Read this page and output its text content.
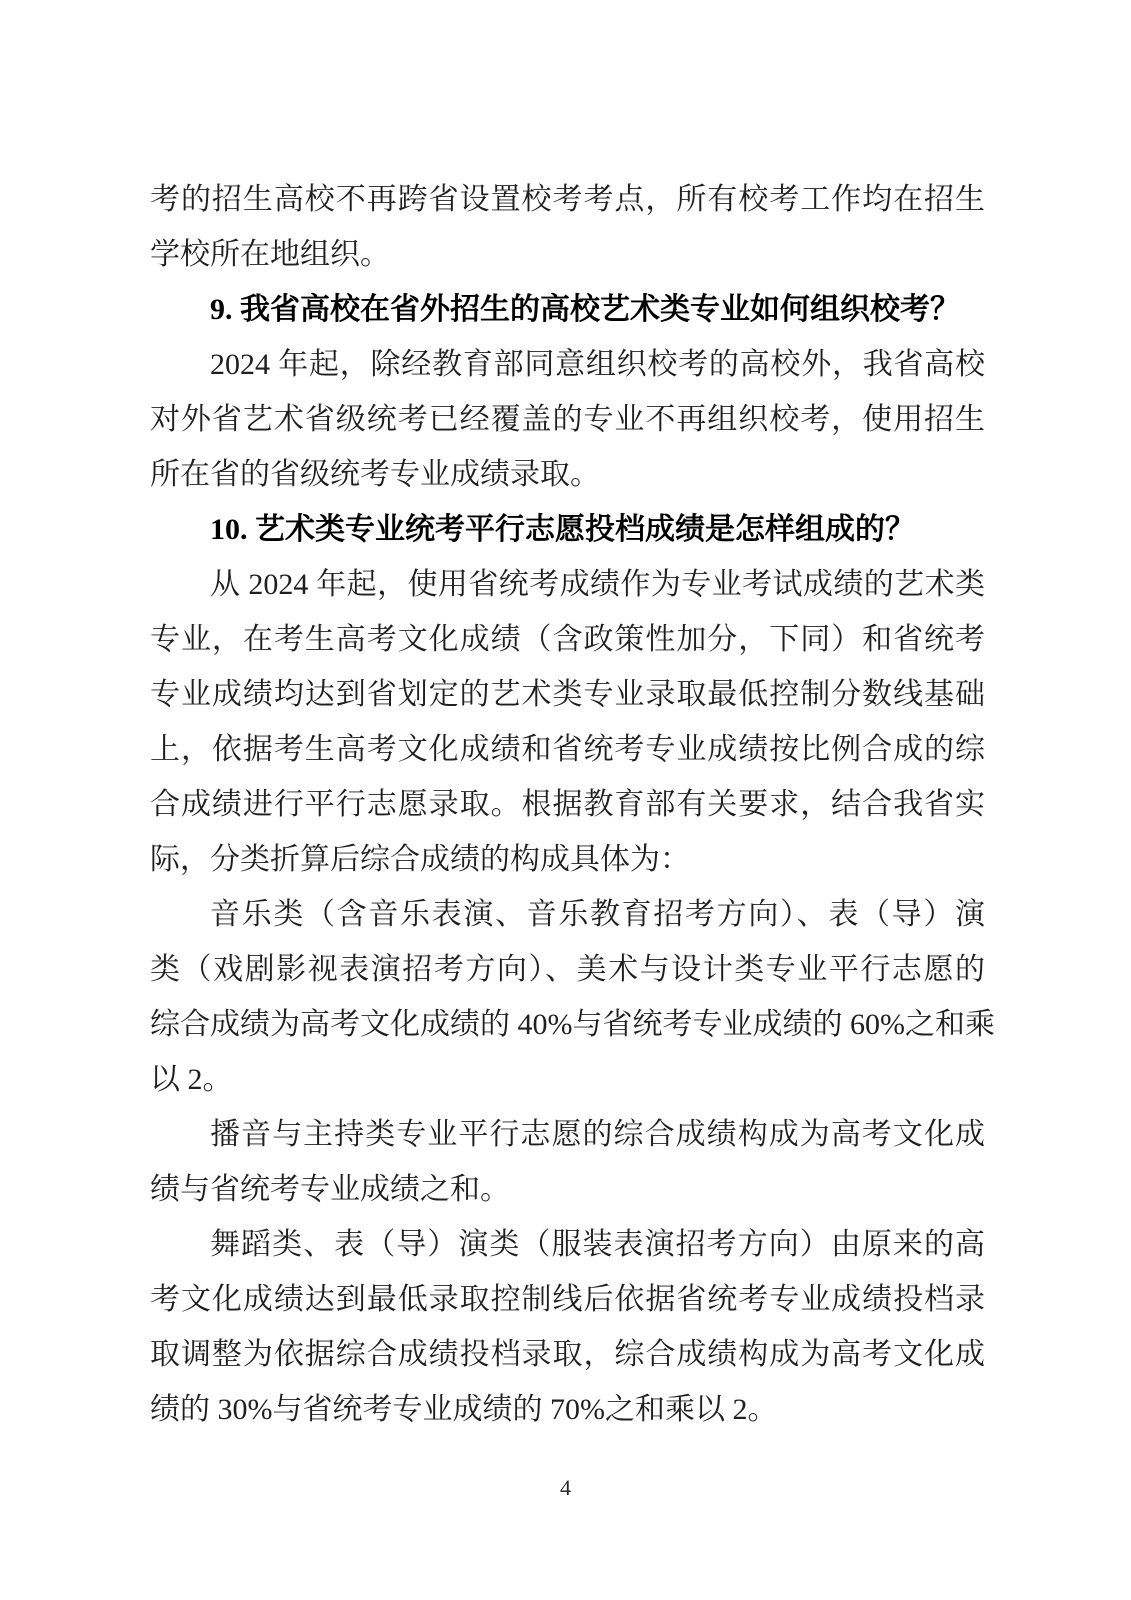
考的招生高校不再跨省设置校考考点，所有校考工作均在招生
学校所在地组织。
9. 我省高校在省外招生的高校艺术类专业如何组织校考？
2024 年起，除经教育部同意组织校考的高校外，我省高校
对外省艺术省级统考已经覆盖的专业不再组织校考，使用招生
所在省的省级统考专业成绩录取。
10. 艺术类专业统考平行志愿投档成绩是怎样组成的？
从 2024 年起，使用省统考成绩作为专业考试成绩的艺术类
专业，在考生高考文化成绩（含政策性加分，下同）和省统考
专业成绩均达到省划定的艺术类专业录取最低控制分数线基础
上，依据考生高考文化成绩和省统考专业成绩按比例合成的综
合成绩进行平行志愿录取。根据教育部有关要求，结合我省实
际，分类折算后综合成绩的构成具体为：
音乐类（含音乐表演、音乐教育招考方向）、表（导）演
类（戏剧影视表演招考方向）、美术与设计类专业平行志愿的
综合成绩为高考文化成绩的 40%与省统考专业成绩的 60%之和乘
以 2。
播音与主持类专业平行志愿的综合成绩构成为高考文化成
绩与省统考专业成绩之和。
舞蹈类、表（导）演类（服装表演招考方向）由原来的高
考文化成绩达到最低录取控制线后依据省统考专业成绩投档录
取调整为依据综合成绩投档录取，综合成绩构成为高考文化成
绩的 30%与省统考专业成绩的 70%之和乘以 2。
4
